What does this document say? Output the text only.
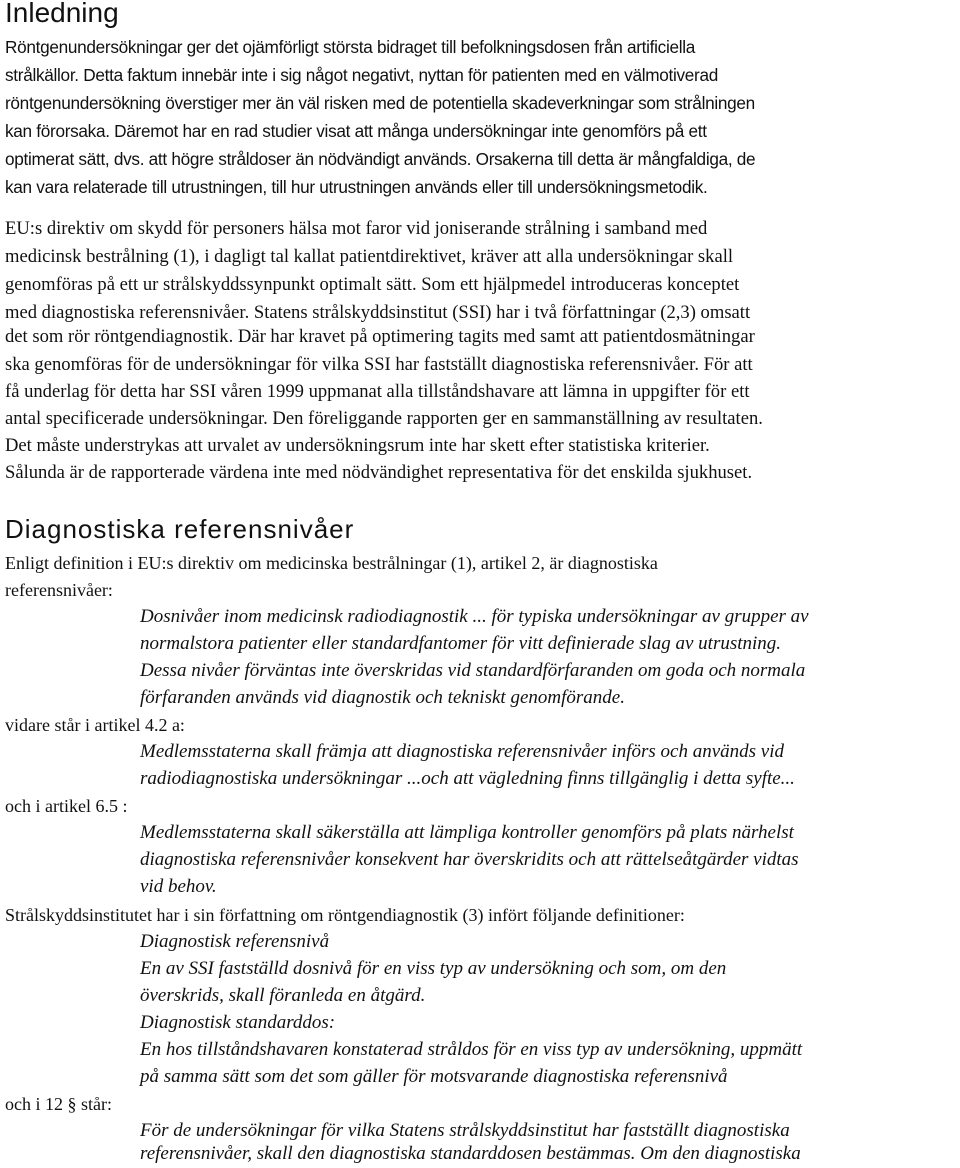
Inledning
Röntgenundersökningar ger det ojämförligt största bidraget till befolkningsdosen från artificiella
strålkällor. Detta faktum innebär inte i sig något negativt, nyttan för patienten med en välmotiverad
röntgenundersökning överstiger mer än väl risken med de potentiella skadeverkningar som strålningen
kan förorsaka. Däremot har en rad studier visat att många undersökningar inte genomförs på ett
optimerat sätt, dvs. att högre stråldoser än nödvändigt används. Orsakerna till detta är mångfaldiga, de
kan vara relaterade till utrustningen, till hur utrustningen används eller till undersökningsmetodik.
EU:s direktiv om skydd för personers hälsa mot faror vid joniserande strålning i samband med
medicinsk bestrålning (1), i dagligt tal kallat patientdirektivet, kräver att alla undersökningar skall
genomföras på ett ur strålskyddssynpunkt optimalt sätt. Som ett hjälpmedel introduceras konceptet
med diagnostiska referensnivåer. Statens strålskyddsinstitut (SSI) har i två författningar (2,3) omsatt
det som rör röntgendiagnostik. Där har kravet på optimering tagits med samt att patientdosmätningar
ska genomföras för de undersökningar för vilka SSI har fastställt diagnostiska referensnivåer. För att
få underlag för detta har SSI våren 1999 uppmanat alla tillståndshavare att lämna in uppgifter för ett
antal specificerade undersökningar. Den föreliggande rapporten ger en sammanställning av resultaten.
Det måste understrykas att urvalet av undersökningsrum inte har skett efter statistiska kriterier.
Sålunda är de rapporterade värdena inte med nödvändighet representativa för det enskilda sjukhuset.
Diagnostiska referensnivåer
Enligt definition i EU:s direktiv om medicinska bestrålningar (1), artikel 2, är diagnostiska
referensnivåer:
Dosnivåer inom medicinsk radiodiagnostik ... för typiska undersökningar av grupper av
normalstora patienter eller standardfantomer för vitt definierade slag av utrustning.
Dessa nivåer förväntas inte överskridas vid standardförfaranden om goda och normala
förfaranden används vid diagnostik och tekniskt genomförande.
vidare står i artikel 4.2 a:
Medlemsstaterna skall främja att diagnostiska referensnivåer införs och används vid
radiodiagnostiska undersökningar ...och att vägledning finns tillgänglig i detta syfte...
och i artikel 6.5 :
Medlemsstaterna skall säkerställa att lämpliga kontroller genomförs på plats närhelst
diagnostiska referensnivåer konsekvent har överskridits och att rättelseåtgärder vidtas
vid behov.
Strålskyddsinstitutet har i sin författning om röntgendiagnostik (3) infört följande definitioner:
Diagnostisk referensnivå
En av SSI fastställd dosnivå för en viss typ av undersökning och som, om den
överskrids, skall föranleda en åtgärd.
Diagnostisk standarddos:
En hos tillståndshavaren konstaterad stråldos för en viss typ av undersökning, uppmätt
på samma sätt som det som gäller för motsvarande diagnostiska referensnivå
och i 12 § står:
För de undersökningar för vilka Statens strålskyddsinstitut har fastställt diagnostiska
referensnivåer, skall den diagnostiska standarddosen bestämmas. Om den diagnostiska
